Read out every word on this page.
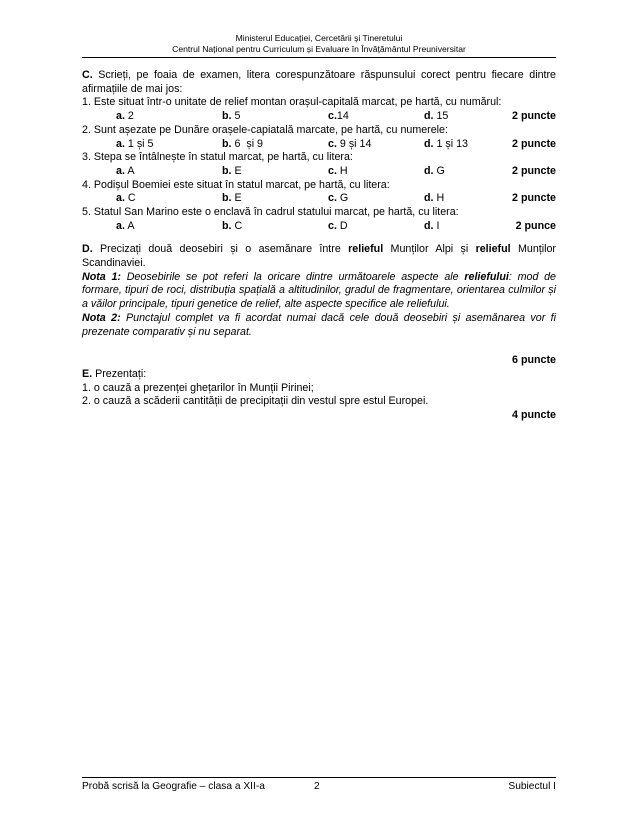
Ministerul Educației, Cercetării și Tineretului
Centrul Național pentru Curriculum și Evaluare în Învățământul Preuniversitar
C. Scrieți, pe foaia de examen, litera corespunzătoare răspunsului corect pentru fiecare dintre afirmațiile de mai jos:
1. Este situat într-o unitate de relief montan orașul-capitală marcat, pe hartă, cu numărul:
a. 2	b. 5	c.14	d. 15	2 puncte
2. Sunt așezate pe Dunăre orașele-capiatală marcate, pe hartă, cu numerele:
a. 1 și 5	b. 6  și 9	c. 9 și 14	d. 1 și 13	2 puncte
3. Stepa se întâlnește în statul marcat, pe hartă, cu litera:
a. A	b. E	c. H	d. G	2 puncte
4. Podișul Boemiei este situat în statul marcat, pe hartă, cu litera:
a. C	b. E	c. G	d. H	2 puncte
5. Statul San Marino este o enclavă în cadrul statului marcat, pe hartă, cu litera:
a. A	b. C	c. D	d. I	2 punce
D. Precizați două deosebiri și o asemănare între relieful Munților Alpi și relieful Munților Scandinaviei.
Nota 1: Deosebirile se pot referi la oricare dintre următoarele aspecte ale reliefului: mod de formare, tipuri de roci, distribuția spațială a altitudinilor, gradul de fragmentare, orientarea culmilor și a văilor principale, tipuri genetice de relief, alte aspecte specifice ale reliefului.
Nota 2: Punctajul complet va fi acordat numai dacă cele două deosebiri și asemănarea vor fi prezenate comparativ și nu separat.
6 puncte
E. Prezentați:
1. o cauză a prezenței ghețarilor în Munții Pirinei;
2. o cauză a scăderii cantității de precipitații din vestul spre estul Europei.
4 puncte
Probă scrisă la Geografie – clasa a XII-a	2	Subiectul I
